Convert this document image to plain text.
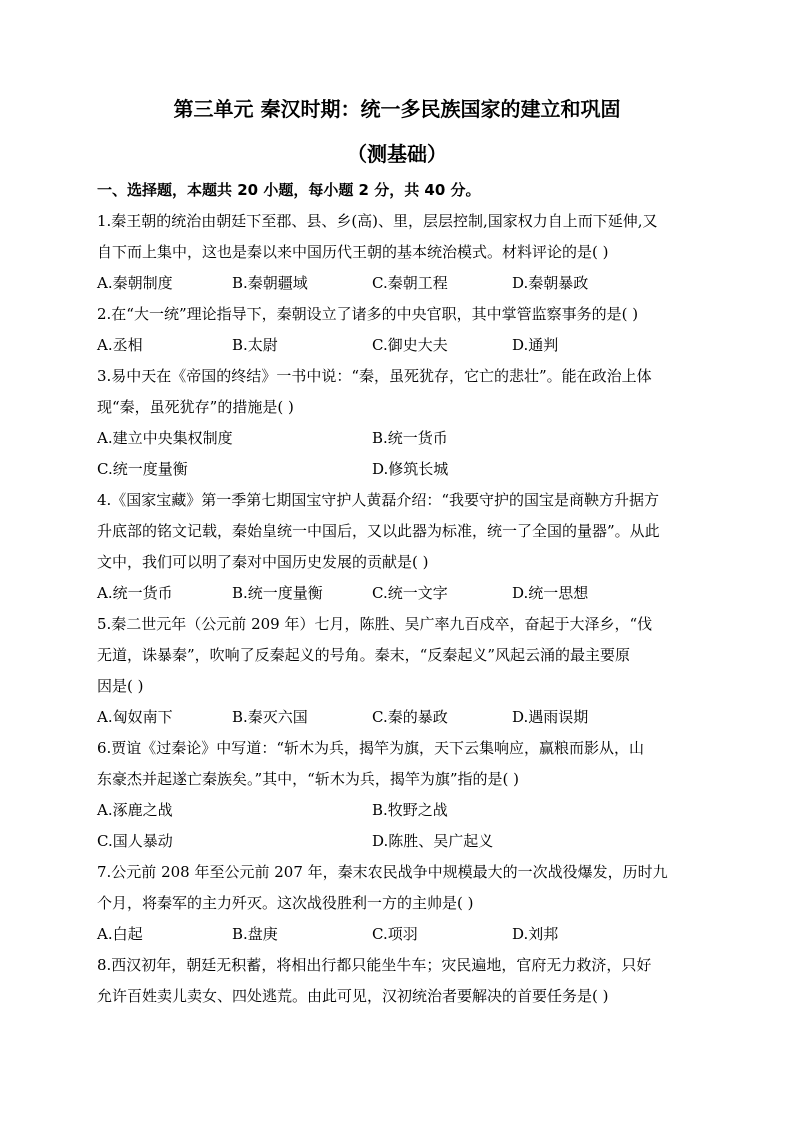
第三单元 秦汉时期：统一多民族国家的建立和巩固
（测基础）
一、选择题，本题共 20 小题，每小题 2 分，共 40 分。
1.秦王朝的统治由朝廷下至郡、县、乡(高)、里，层层控制,国家权力自上而下延伸,又
自下而上集中，这也是秦以来中国历代王朝的基本统治模式。材料评论的是( )
A.秦朝制度	B.秦朝疆域	C.秦朝工程	D.秦朝暴政
2.在“大一统”理论指导下，秦朝设立了诸多的中央官职，其中掌管监察事务的是( )
A.丞相	B.太尉	C.御史大夫	D.通判
3.易中天在《帝国的终结》一书中说：“秦，虽死犹存，它亡的悲壮”。能在政治上体
现“秦，虽死犹存”的措施是( )
A.建立中央集权制度	B.统一货币
C.统一度量衡	D.修筑长城
4.《国家宝藏》第一季第七期国宝守护人黄磊介绍：“我要守护的国宝是商鞅方升据方
升底部的铭文记载，秦始皇统一中国后，又以此器为标准，统一了全国的量器”。从此
文中，我们可以明了秦对中国历史发展的贡献是( )
A.统一货币	B.统一度量衡	C.统一文字	D.统一思想
5.秦二世元年（公元前 209 年）七月，陈胜、吴广率九百戍卒，奋起于大泽乡，“伐
无道，诛暴秦”，吹响了反秦起义的号角。秦末，“反秦起义”风起云涌的最主要原
因是( )
A.匈奴南下	B.秦灭六国	C.秦的暴政	D.遇雨误期
6.贾谊《过秦论》中写道：“斩木为兵，揭竿为旗，天下云集响应，赢粮而影从，山
东豪杰并起遂亡秦族矣。”其中，“斩木为兵，揭竿为旗”指的是( )
A.涿鹿之战	B.牧野之战
C.国人暴动	D.陈胜、吴广起义
7.公元前 208 年至公元前 207 年，秦末农民战争中规模最大的一次战役爆发，历时九
个月，将秦军的主力歼灭。这次战役胜利一方的主帅是( )
A.白起	B.盘庚	C.项羽	D.刘邦
8.西汉初年，朝廷无积蓄，将相出行都只能坐牛车；灾民遍地，官府无力救济，只好
允许百姓卖儿卖女、四处逃荒。由此可见，汉初统治者要解决的首要任务是( )
